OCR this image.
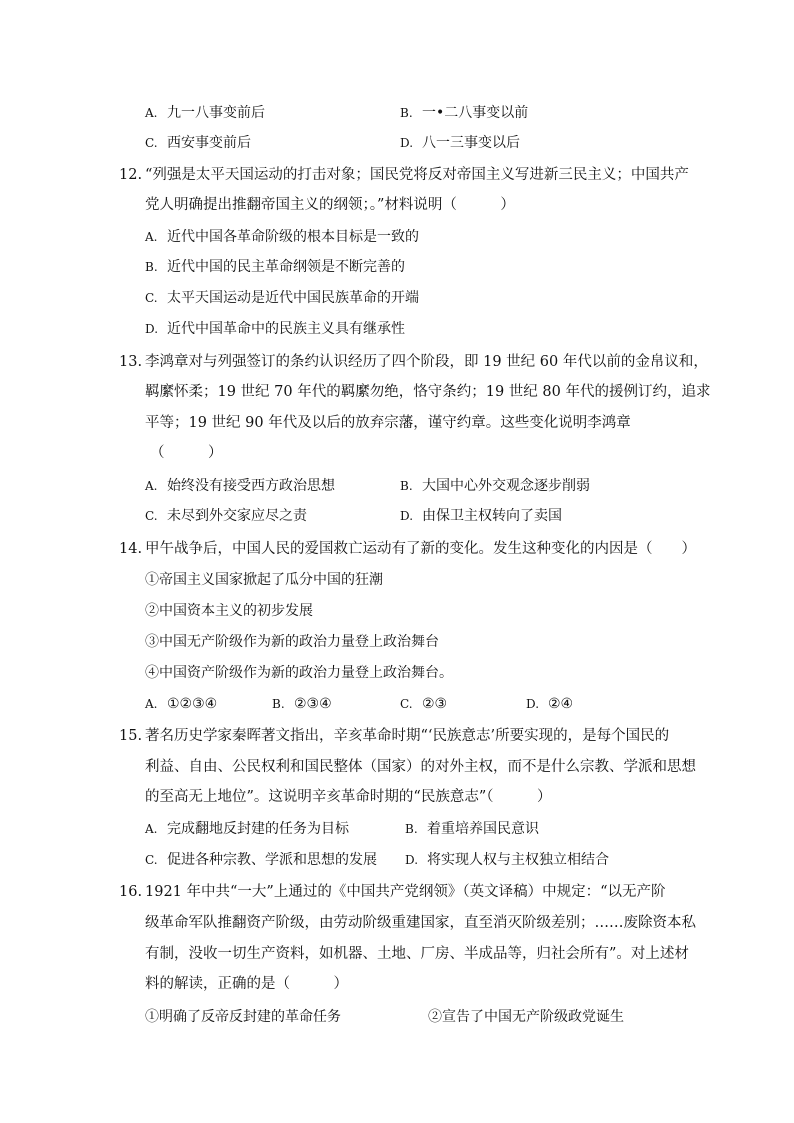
A. 九一八事变前后	B. 一•二八事变以前
C. 西安事变前后	D. 八一三事变以后
12. “列强是太平天国运动的打击对象；国民党将反对帝国主义写进新三民主义；中国共产
党人明确提出推翻帝国主义的纲领；。”材料说明（　　　）
A. 近代中国各革命阶级的根本目标是一致的
B. 近代中国的民主革命纲领是不断完善的
C. 太平天国运动是近代中国民族革命的开端
D. 近代中国革命中的民族主义具有继承性
13. 李鸿章对与列强签订的条约认识经历了四个阶段，即 19 世纪 60 年代以前的金帛议和，
羁縻怀柔；19 世纪 70 年代的羁縻勿绝，恪守条约；19 世纪 80 年代的援例订约，追求
平等；19 世纪 90 年代及以后的放弃宗藩，谨守约章。这些变化说明李鸿章
（　　　）
A. 始终没有接受西方政治思想	B. 大国中心外交观念逐步削弱
C. 未尽到外交家应尽之责	D. 由保卫主权转向了卖国
14. 甲午战争后，中国人民的爱国救亡运动有了新的变化。发生这种变化的内因是（　　）
①帝国主义国家掀起了瓜分中国的狂潮
②中国资本主义的初步发展
③中国无产阶级作为新的政治力量登上政治舞台
④中国资产阶级作为新的政治力量登上政治舞台。
A. ①②③④	B. ②③④	C. ②③	D. ②④
15. 著名历史学家秦晖著文指出，辛亥革命时期“‘民族意志’所要实现的，是每个国民的
利益、自由、公民权利和国民整体（国家）的对外主权，而不是什么宗教、学派和思想
的至高无上地位”。这说明辛亥革命时期的“民族意志”（　　　）
A. 完成翻地反封建的任务为目标	B. 着重培养国民意识
C. 促进各种宗教、学派和思想的发展 D. 将实现人权与主权独立相结合
16. 1921 年中共“一大”上通过的《中国共产党纲领》（英文译稿）中规定：“以无产阶
级革命军队推翻资产阶级，由劳动阶级重建国家，直至消灭阶级差别；……废除资本私
有制，没收一切生产资料，如机器、土地、厂房、半成品等，归社会所有”。对上述材
料的解读，正确的是（　　　）
①明确了反帝反封建的革命任务	②宣告了中国无产阶级政党诞生
